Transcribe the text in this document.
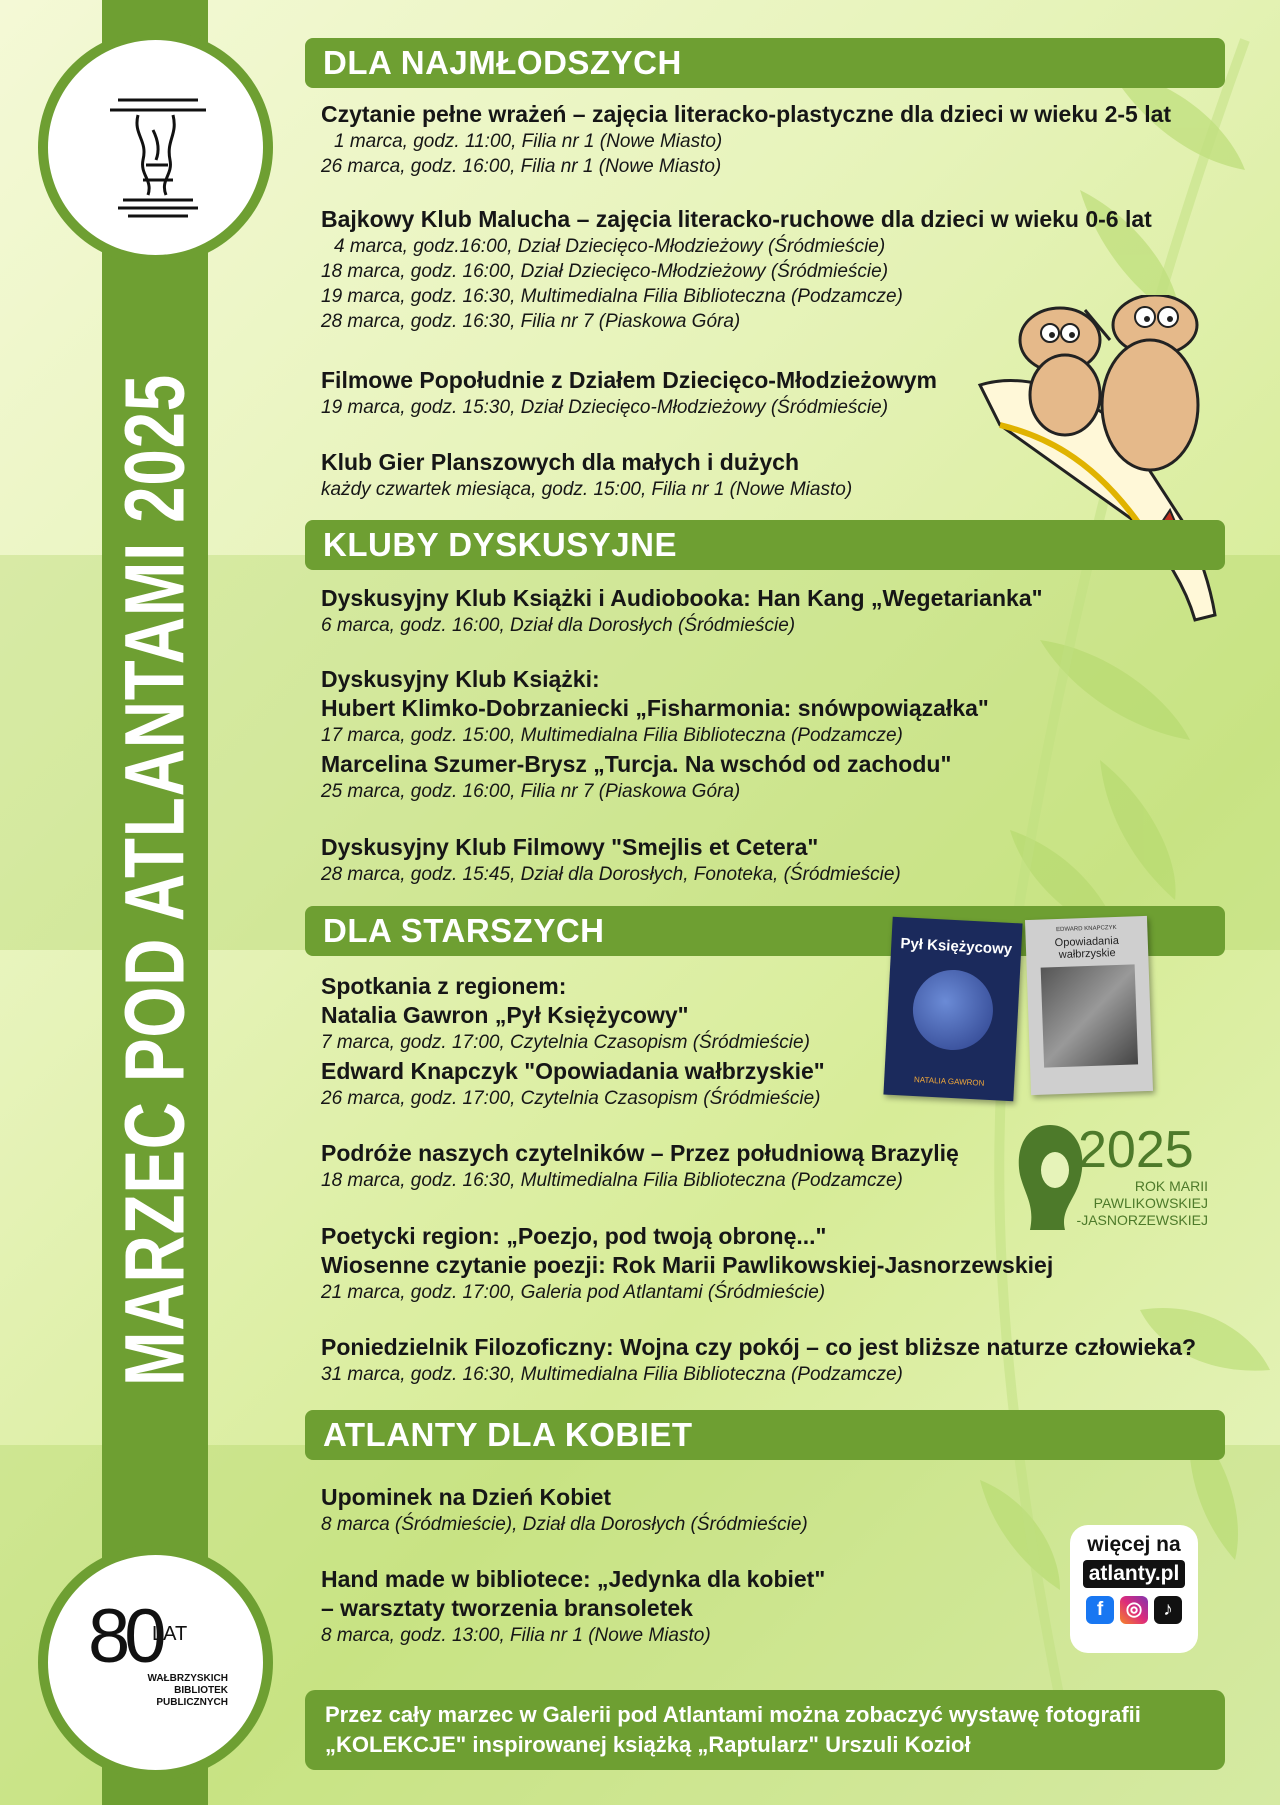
MARZEC POD ATLANTAMI 2025
80
LAT
WAŁBRZYSKICH
BIBLIOTEK
PUBLICZNYCH
DLA NAJMŁODSZYCH
Czytanie pełne wrażeń – zajęcia literacko-plastyczne dla dzieci w wieku 2-5 lat
1 marca, godz. 11:00, Filia nr 1 (Nowe Miasto)
26 marca, godz. 16:00, Filia nr 1 (Nowe Miasto)
Bajkowy Klub Malucha – zajęcia literacko-ruchowe dla dzieci w wieku 0-6 lat
4 marca, godz.16:00, Dział Dziecięco-Młodzieżowy (Śródmieście)
18 marca, godz. 16:00, Dział Dziecięco-Młodzieżowy (Śródmieście)
19 marca, godz. 16:30, Multimedialna Filia Biblioteczna (Podzamcze)
28 marca, godz. 16:30, Filia nr 7 (Piaskowa Góra)
Filmowe Popołudnie z Działem Dziecięco-Młodzieżowym
19 marca, godz. 15:30, Dział Dziecięco-Młodzieżowy (Śródmieście)
Klub Gier Planszowych dla małych i dużych
każdy czwartek miesiąca, godz. 15:00, Filia nr 1 (Nowe Miasto)
KLUBY DYSKUSYJNE
Dyskusyjny Klub Książki i Audiobooka: Han Kang „Wegetarianka"
6 marca, godz. 16:00, Dział dla Dorosłych (Śródmieście)
Dyskusyjny Klub Książki:
Hubert Klimko-Dobrzaniecki „Fisharmonia: snówpowiązałka"
17 marca, godz. 15:00, Multimedialna Filia Biblioteczna (Podzamcze)
Marcelina Szumer-Brysz „Turcja. Na wschód od zachodu"
25 marca, godz. 16:00, Filia nr 7 (Piaskowa Góra)
Dyskusyjny Klub Filmowy "Smejlis et Cetera"
28 marca, godz. 15:45, Dział dla Dorosłych, Fonoteka, (Śródmieście)
DLA STARSZYCH
Spotkania z regionem:
Natalia Gawron „Pył Księżycowy"
7 marca, godz. 17:00, Czytelnia Czasopism (Śródmieście)
Edward Knapczyk "Opowiadania wałbrzyskie"
26 marca, godz. 17:00, Czytelnia Czasopism (Śródmieście)
Podróże naszych czytelników – Przez południową Brazylię
18 marca, godz. 16:30, Multimedialna Filia Biblioteczna (Podzamcze)
Poetycki region: „Poezjo, pod twoją obronę..."
Wiosenne czytanie poezji: Rok Marii Pawlikowskiej-Jasnorzewskiej
21 marca, godz. 17:00, Galeria pod Atlantami (Śródmieście)
Poniedzielnik Filozoficzny: Wojna czy pokój – co jest bliższe naturze człowieka?
31 marca, godz. 16:30, Multimedialna Filia Biblioteczna (Podzamcze)
Pył Księżycowy
NATALIA GAWRON
EDWARD KNAPCZYK
Opowiadania wałbrzyskie
2025
ROK MARII
PAWLIKOWSKIEJ
-JASNORZEWSKIEJ
ATLANTY DLA KOBIET
Upominek na Dzień Kobiet
8 marca (Śródmieście), Dział dla Dorosłych (Śródmieście)
Hand made w bibliotece: „Jedynka dla kobiet"
– warsztaty tworzenia bransoletek
8 marca, godz. 13:00, Filia nr 1 (Nowe Miasto)
więcej na
atlanty.pl
f	◎	♪
Przez cały marzec w Galerii pod Atlantami można zobaczyć wystawę fotografii
„KOLEKCJE" inspirowanej książką „Raptularz" Urszuli Kozioł
